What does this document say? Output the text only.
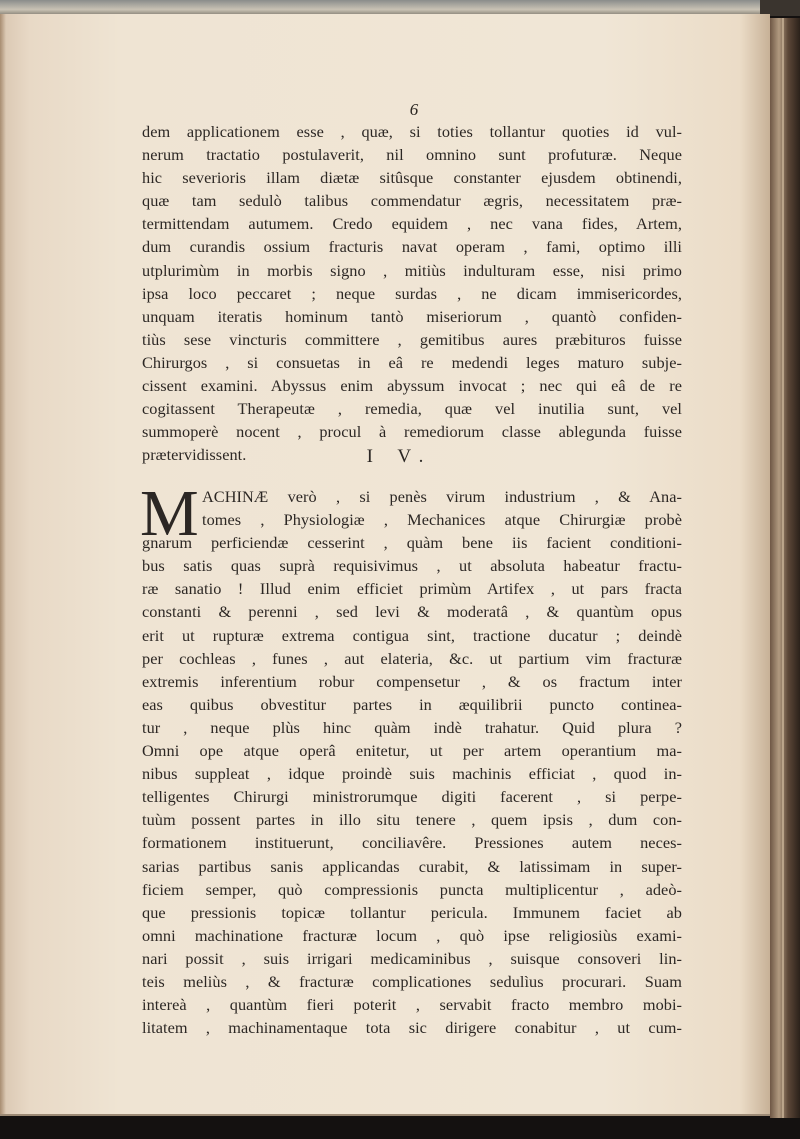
6
dem applicationem esse , quæ, si toties tollantur quoties id vul-
nerum tractatio postulaverit, nil omnino sunt profuturæ. Neque
hic severioris illam diætæ sitûsque constanter ejusdem obtinendi,
quæ tam sedulò talibus commendatur ægris, necessitatem præ-
termittendam autumem. Credo equidem , nec vana fides, Artem,
dum curandis ossium fracturis navat operam , fami, optimo illi
utplurimùm in morbis signo , mitiùs indulturam esse, nisi primo
ipsa loco peccaret ; neque surdas , ne dicam immisericordes,
unquam iteratis hominum tantò miseriorum , quantò confiden-
tiùs sese vincturis committere , gemitibus aures præbituros fuisse
Chirurgos , si consuetas in eâ re medendi leges maturo subje-
cissent examini. Abyssus enim abyssum invocat ; nec qui eâ de re
cogitassent Therapeutæ , remedia, quæ vel inutilia sunt, vel
summoperè nocent , procul à remediorum classe ablegunda fuisse
prætervidissent.	I V.
M ACHINÆ verò , si penès virum industrium , & Ana-
tomes , Physiologiæ , Mechanices atque Chirurgiæ probè
gnarum perficiendæ cesserint , quàm bene iis facient conditioni-
bus satis quas suprà requisivimus , ut absoluta habeatur fractu-
ræ sanatio ! Illud enim efficiet primùm Artifex , ut pars fracta
constanti & perenni , sed levi & moderatâ , & quantùm opus
erit ut rupturæ extrema contigua sint, tractione ducatur ; deindè
per cochleas , funes , aut elateria, &c. ut partium vim fracturæ
extremis inferentium robur compensetur , & os fractum inter
eas quibus obvestitur partes in æquilibrii puncto continea-
tur , neque plùs hinc quàm indè trahatur. Quid plura ?
Omni ope atque operâ enitetur, ut per artem operantium ma-
nibus suppleat , idque proindè suis machinis efficiat , quod in-
telligentes Chirurgi ministrorumque digiti facerent , si perpe-
tuùm possent partes in illo situ tenere , quem ipsis , dum con-
formationem instituerunt, conciliavêre. Pressiones autem neces-
sarias partibus sanis applicandas curabit, & latissimam in super-
ficiem semper, quò compressionis puncta multiplicentur , adeò-
que pressionis topicæ tollantur pericula. Immunem faciet ab
omni machinatione fracturæ locum , quò ipse religiosiùs exami-
nari possit , suis irrigari medicaminibus , suisque consoveri lin-
teis meliùs , & fracturæ complicationes sedulìus procurari. Suam
intereà , quantùm fieri poterit , servabit fracto membro mobi-
litatem , machinamentaque tota sic dirigere conabitur , ut cum-
